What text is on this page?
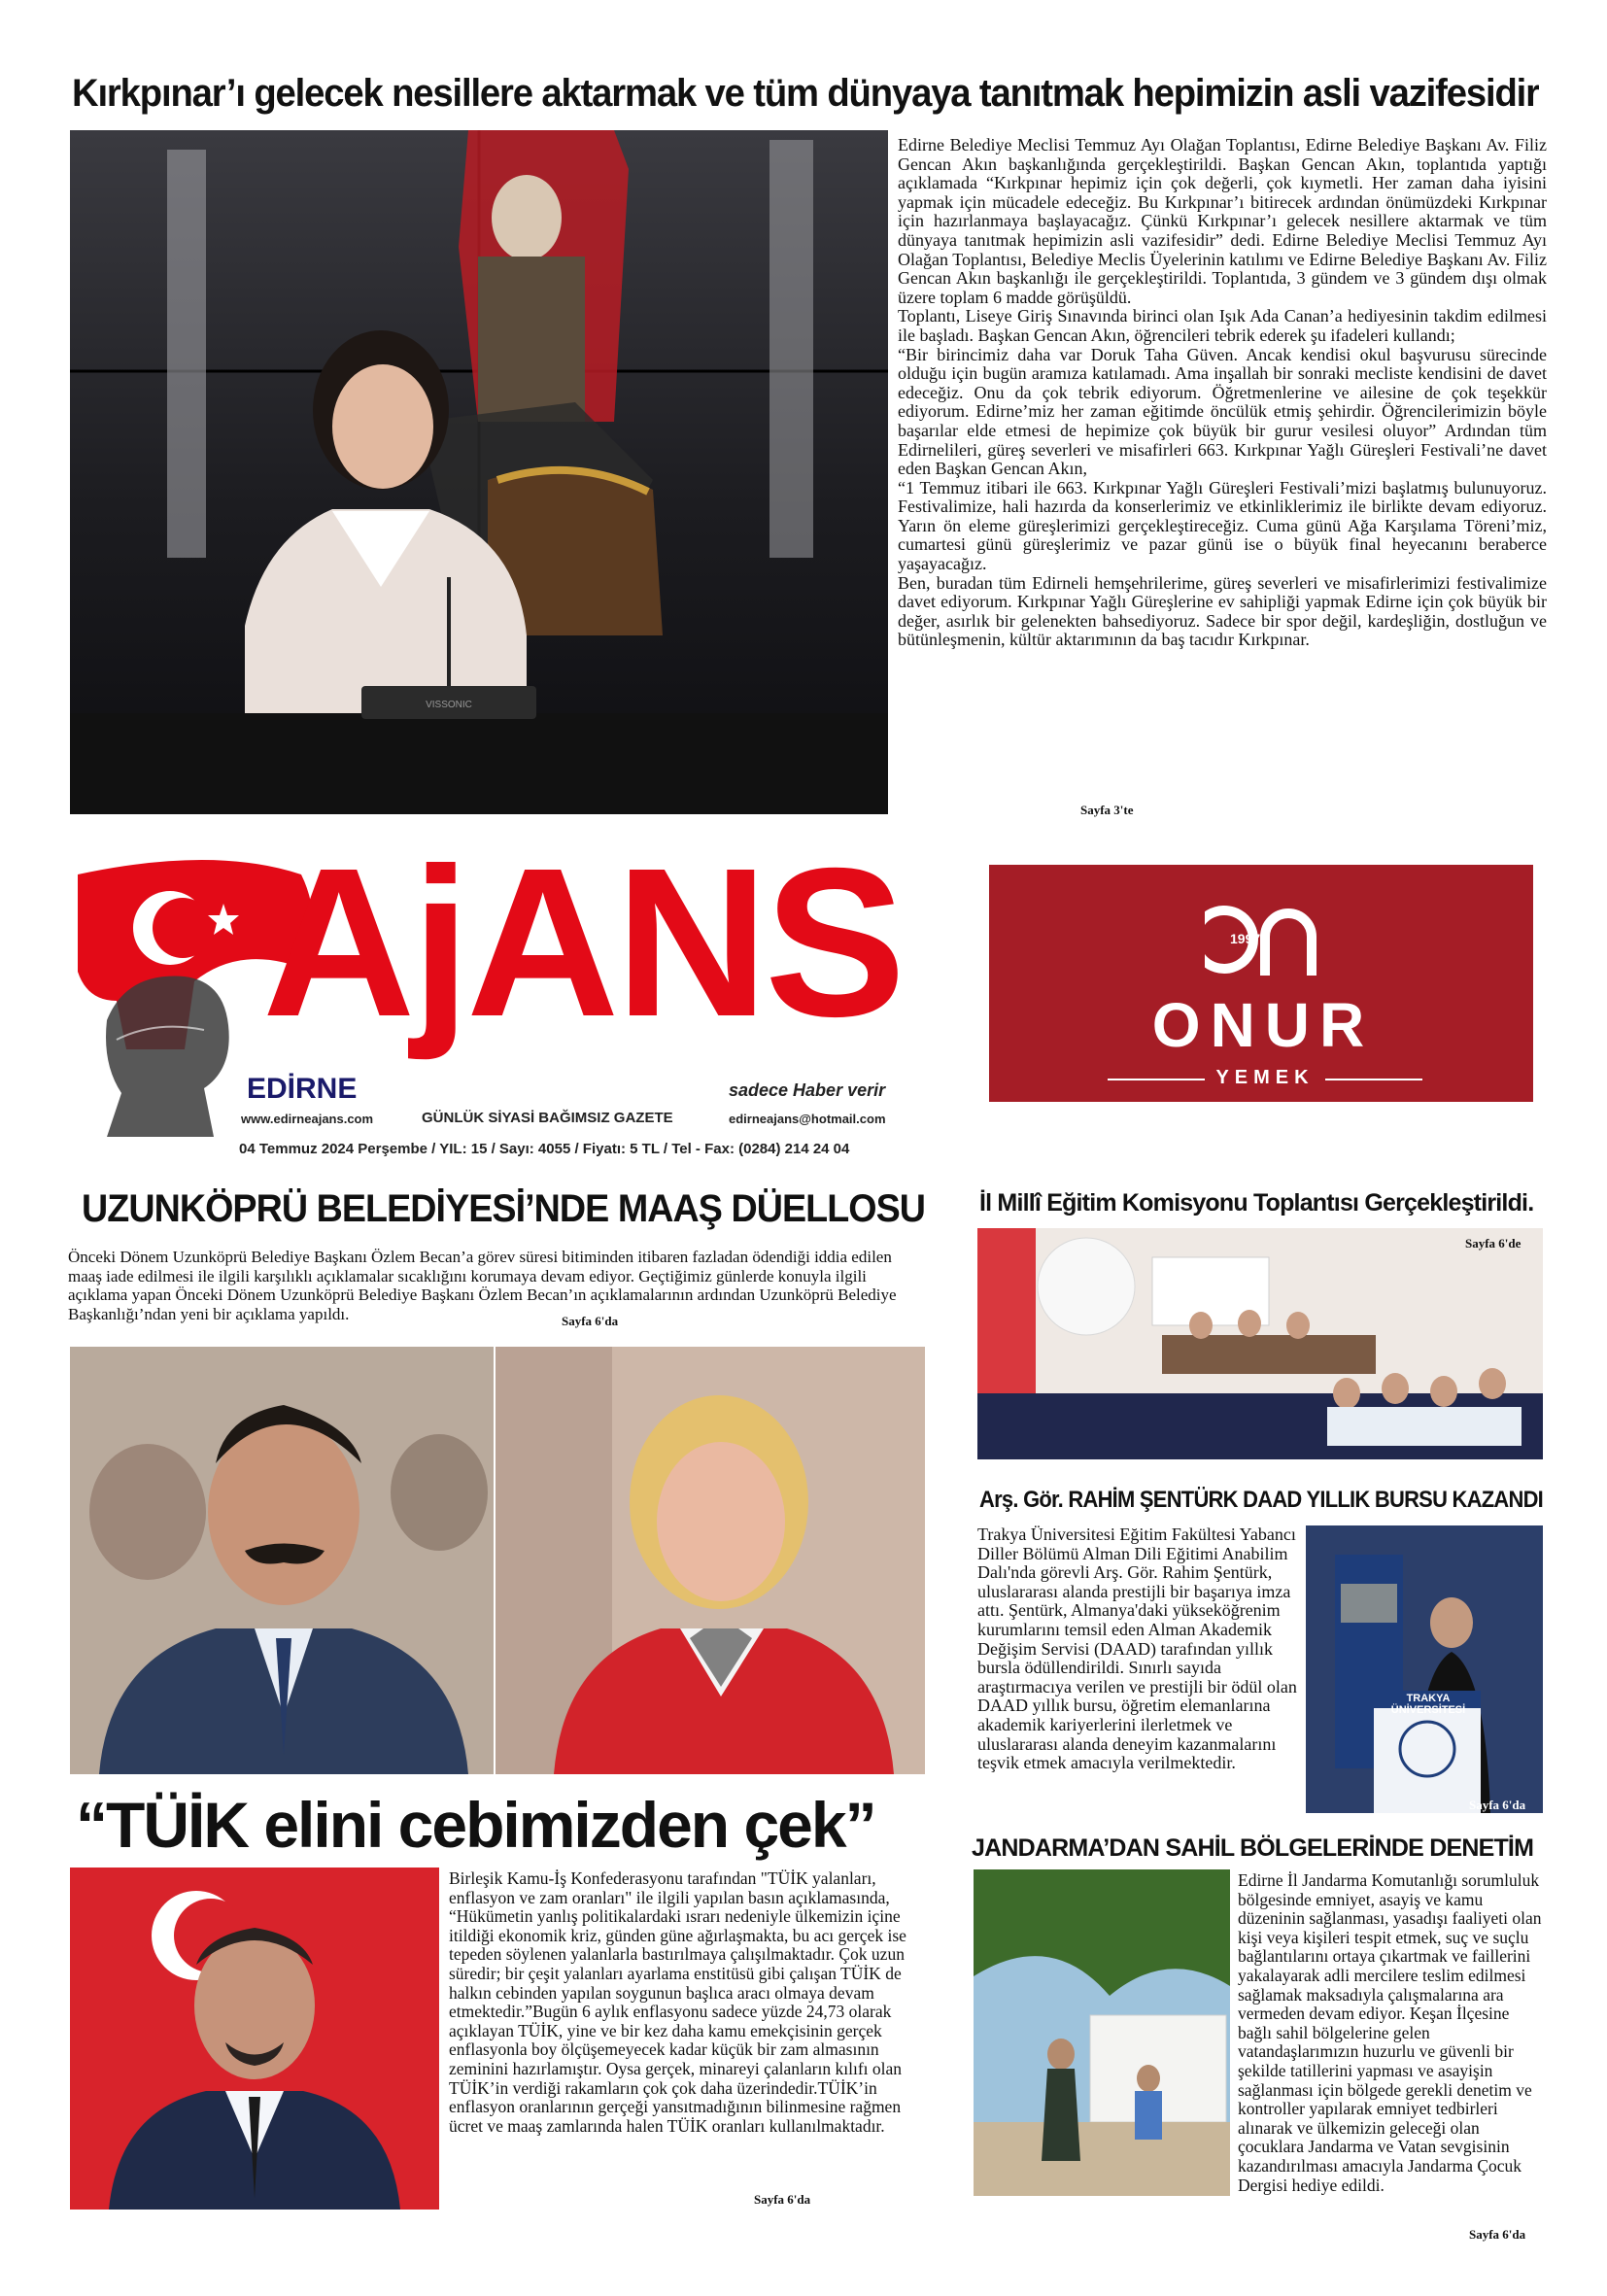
Kırkpınar’ı gelecek nesillere aktarmak ve tüm dünyaya tanıtmak hepimizin asli vazifesidir
VISSONIC

Edirne Belediye Meclisi Temmuz Ayı Olağan Toplantısı, Edirne Belediye Başkanı Av. Filiz Gencan Akın başkanlığında gerçekleştirildi. Başkan Gencan Akın, toplantıda yaptığı açıklamada “Kırkpınar hepimiz için çok değerli, çok kıymetli. Her zaman daha iyisini yapmak için mücadele edeceğiz. Bu Kırkpınar’ı bitirecek ardından önümüzdeki Kırkpınar için hazırlanmaya başlayacağız. Çünkü Kırkpınar’ı gelecek nesillere aktarmak ve tüm dünyaya tanıtmak hepimizin asli vazifesidir” dedi. Edirne Belediye Meclisi Temmuz Ayı Olağan Toplantısı, Belediye Meclis Üyelerinin katılımı ve Edirne Belediye Başkanı Av. Filiz Gencan Akın başkanlığı ile gerçekleştirildi. Toplantıda, 3 gündem ve 3 gündem dışı olmak üzere toplam 6 madde görüşüldü.

Toplantı, Liseye Giriş Sınavında birinci olan Işık Ada Canan’a hediyesinin takdim edilmesi ile başladı. Başkan Gencan Akın, öğrencileri tebrik ederek şu ifadeleri kullandı;

“Bir birincimiz daha var Doruk Taha Güven. Ancak kendisi okul başvurusu sürecinde olduğu için bugün aramıza katılamadı. Ama inşallah bir sonraki mecliste kendisini de davet edeceğiz. Onu da çok tebrik ediyorum. Öğretmenlerine ve ailesine de çok teşekkür ediyorum. Edirne’miz her zaman eğitimde öncülük etmiş şehirdir. Öğrencilerimizin böyle başarılar elde etmesi de hepimize çok büyük bir gurur vesilesi oluyor” Ardından tüm Edirnelileri, güreş severleri ve misafirleri 663. Kırkpınar Yağlı Güreşleri Festivali’ne davet eden Başkan Gencan Akın,

“1 Temmuz itibari ile 663. Kırkpınar Yağlı Güreşleri Festivali’mizi başlatmış bulunuyoruz. Festivalimize, hali hazırda da konserlerimiz ve etkinliklerimiz ile birlikte devam ediyoruz. Yarın ön eleme güreşlerimizi gerçekleştireceğiz. Cuma günü Ağa Karşılama Töreni’miz, cumartesi günü güreşlerimiz ve pazar günü ise o büyük final heyecanını beraberce yaşayacağız.

Ben, buradan tüm Edirneli hemşehrilerime, güreş severleri ve misafirlerimizi festivalimize davet ediyorum. Kırkpınar Yağlı Güreşlerine ev sahipliği yapmak Edirne için çok büyük bir değer, asırlık bir gelenekten bahsediyoruz. Sadece bir spor değil, kardeşliğin, dostluğun ve bütünleşmenin, kültür aktarımının da baş tacıdır Kırkpınar.

Sayfa 3'te
AjANS
EDİRNE	sadece Haber verir
www.edirneajans.com	GÜNLÜK SİYASİ BAĞIMSIZ GAZETE	edirneajans@hotmail.com
04 Temmuz 2024 Perşembe / YIL: 15 / Sayı: 4055 / Fiyatı: 5 TL / Tel - Fax: (0284) 214 24 04
1997
ONUR
YEMEK
UZUNKÖPRÜ BELEDİYESİ’NDE MAAŞ DÜELLOSU
Önceki Dönem Uzunköprü Belediye Başkanı Özlem Becan’a görev süresi bitiminden itibaren fazladan ödendiği iddia edilen maaş iade edilmesi ile ilgili karşılıklı açıklamalar sıcaklığını korumaya devam ediyor. Geçtiğimiz günlerde konuyla ilgili açıklama yapan Önceki Dönem Uzunköprü Belediye Başkanı Özlem Becan’ın açıklamalarının ardından Uzunköprü Belediye Başkanlığı’ndan yeni bir açıklama yapıldı.	Sayfa 6'da
İl Millî Eğitim Komisyonu Toplantısı Gerçekleştirildi.
Sayfa 6'de
Arş. Gör. RAHİM ŞENTÜRK DAAD YILLIK BURSU KAZANDI
Trakya Üniversitesi Eğitim Fakültesi Yabancı Diller Bölümü Alman Dili Eğitimi Anabilim Dalı'nda görevli Arş. Gör. Rahim Şentürk, uluslararası alanda prestijli bir başarıya imza attı. Şentürk, Almanya'daki yükseköğrenim kurumlarını temsil eden Alman Akademik Değişim Servisi (DAAD) tarafından yıllık bursla ödüllendirildi. Sınırlı sayıda araştırmacıya verilen ve prestijli bir ödül olan DAAD yıllık bursu, öğretim elemanlarına akademik kariyerlerini ilerletmek ve uluslararası alanda deneyim kazanmalarını teşvik etmek amacıyla verilmektedir.
TRAKYA ÜNİVERSİTESİ
Sayfa 6'da
“TÜİK elini cebimizden çek”
Birleşik Kamu-İş Konfederasyonu tarafından "TÜİK yalanları, enflasyon ve zam oranları" ile ilgili yapılan basın açıklamasında, “Hükümetin yanlış politikalardaki ısrarı nedeniyle ülkemizin içine itildiği ekonomik kriz, günden güne ağırlaşmakta, bu acı gerçek ise tepeden söylenen yalanlarla bastırılmaya çalışılmaktadır. Çok uzun süredir; bir çeşit yalanları ayarlama enstitüsü gibi çalışan TÜİK de halkın cebinden yapılan soygunun başlıca aracı olmaya devam etmektedir.”Bugün 6 aylık enflasyonu sadece yüzde 24,73 olarak açıklayan TÜİK, yine ve bir kez daha kamu emekçisinin gerçek enflasyonla boy ölçüşemeyecek kadar küçük bir zam almasının zeminini hazırlamıştır. Oysa gerçek, minareyi çalanların kılıfı olan TÜİK’in verdiği rakamların çok çok daha üzerindedir.TÜİK’in enflasyon oranlarının gerçeği yansıtmadığının bilinmesine rağmen ücret ve maaş zamlarında halen TÜİK oranları kullanılmaktadır.
Sayfa 6'da
JANDARMA’DAN SAHİL BÖLGELERİNDE DENETİM
Edirne İl Jandarma Komutanlığı sorumluluk bölgesinde emniyet, asayiş ve kamu düzeninin sağlanması, yasadışı faaliyeti olan kişi veya kişileri tespit etmek, suç ve suçlu bağlantılarını ortaya çıkartmak ve faillerini yakalayarak adli mercilere teslim edilmesi sağlamak maksadıyla çalışmalarına ara vermeden devam ediyor. Keşan İlçesine bağlı sahil bölgelerine gelen vatandaşlarımızın huzurlu ve güvenli bir şekilde tatillerini yapması ve asayişin sağlanması için bölgede gerekli denetim ve kontroller yapılarak emniyet tedbirleri alınarak ve ülkemizin geleceği olan çocuklara Jandarma ve Vatan sevgisinin kazandırılması amacıyla Jandarma Çocuk Dergisi hediye edildi.
Sayfa 6'da
